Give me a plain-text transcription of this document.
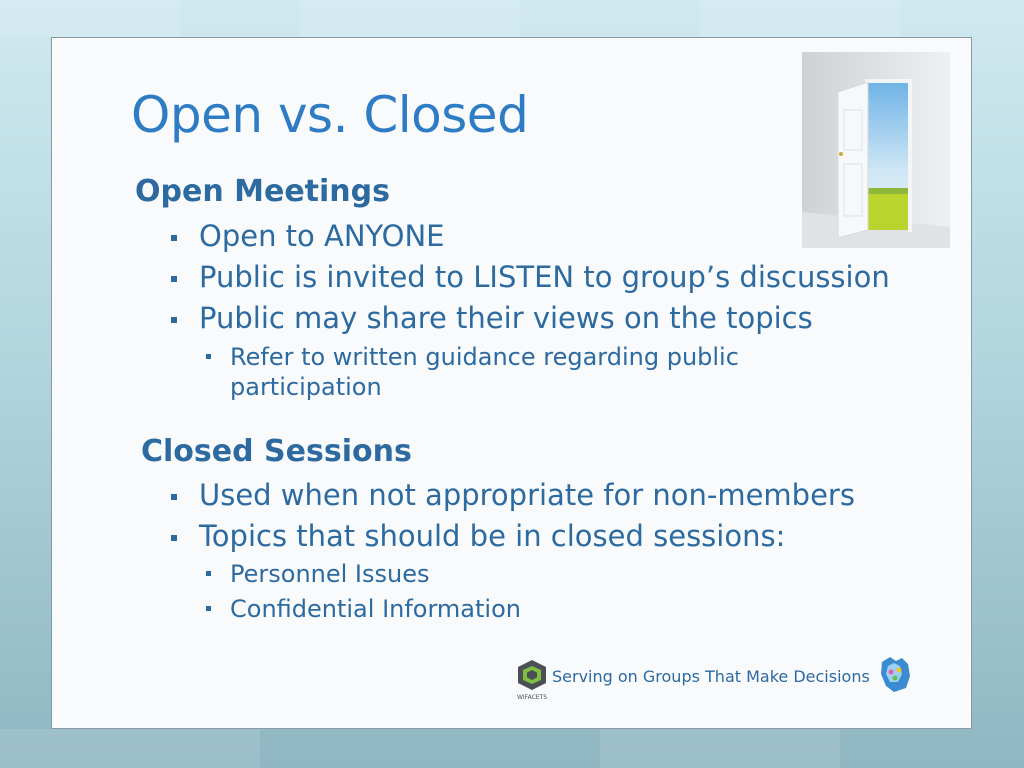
Open vs. Closed
Open Meetings
Open to ANYONE
Public is invited to LISTEN to group’s discussion
Public may share their views on the topics
Refer to written guidance regarding public participation
Closed Sessions
Used when not appropriate for non-members
Topics that should be in closed sessions:
Personnel Issues
Confidential Information
WIFACETS
Serving on Groups That Make Decisions
